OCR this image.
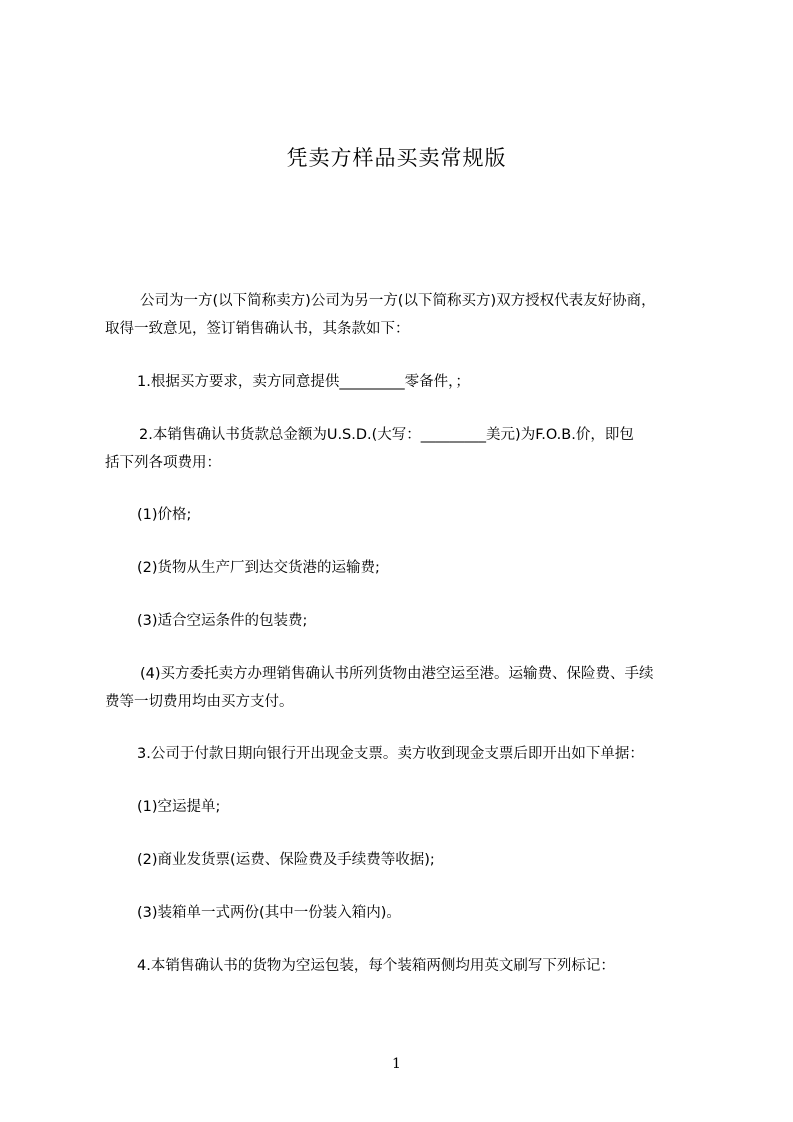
凭卖方样品买卖常规版
公司为一方(以下简称卖方)公司为另一方(以下简称买方)双方授权代表友好协商，
取得一致意见，签订销售确认书，其条款如下：
1.根据买方要求，卖方同意提供_________零备件，；
2.本销售确认书货款总金额为U.S.D.(大写：_________美元)为F.O.B.价，即包
括下列各项费用：
(1)价格;
(2)货物从生产厂到达交货港的运输费;
(3)适合空运条件的包装费;
(4)买方委托卖方办理销售确认书所列货物由港空运至港。运输费、保险费、手续
费等一切费用均由买方支付。
3.公司于付款日期向银行开出现金支票。卖方收到现金支票后即开出如下单据：
(1)空运提单;
(2)商业发货票(运费、保险费及手续费等收据);
(3)装箱单一式两份(其中一份装入箱内)。
4.本销售确认书的货物为空运包装，每个装箱两侧均用英文刷写下列标记：
1
